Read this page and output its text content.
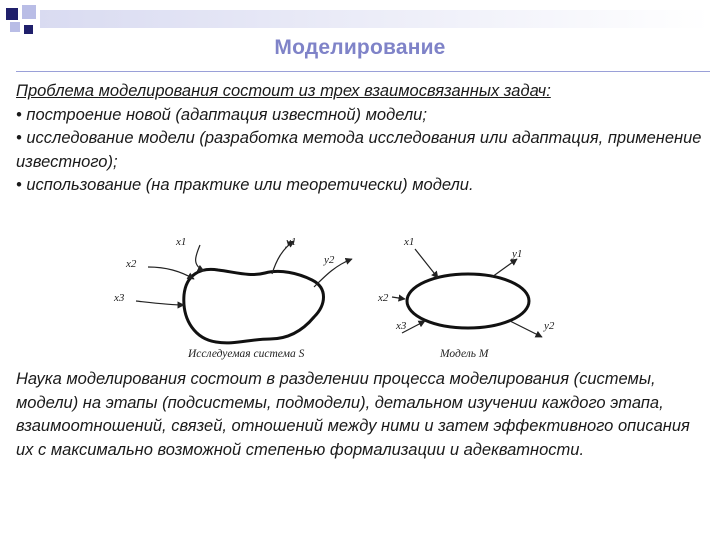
Моделирование

Проблема моделирования состоит из трех взаимосвязанных задач:
• построение новой (адаптация известной) модели;
• исследование модели (разработка метода исследования или адаптация, применение известного);
• использование (на практике или теоретически) модели.

x1
x2
x3
y1
y2
Исследуемая система S
x1
x2
x3
y1
y2
Модель M

Наука моделирования состоит в разделении процесса моделирования (системы, модели) на этапы (подсистемы, подмодели), детальном изучении каждого этапа, взаимоотношений, связей, отношений между ними и затем эффективного описания их с максимально возможной степенью формализации и адекватности.
